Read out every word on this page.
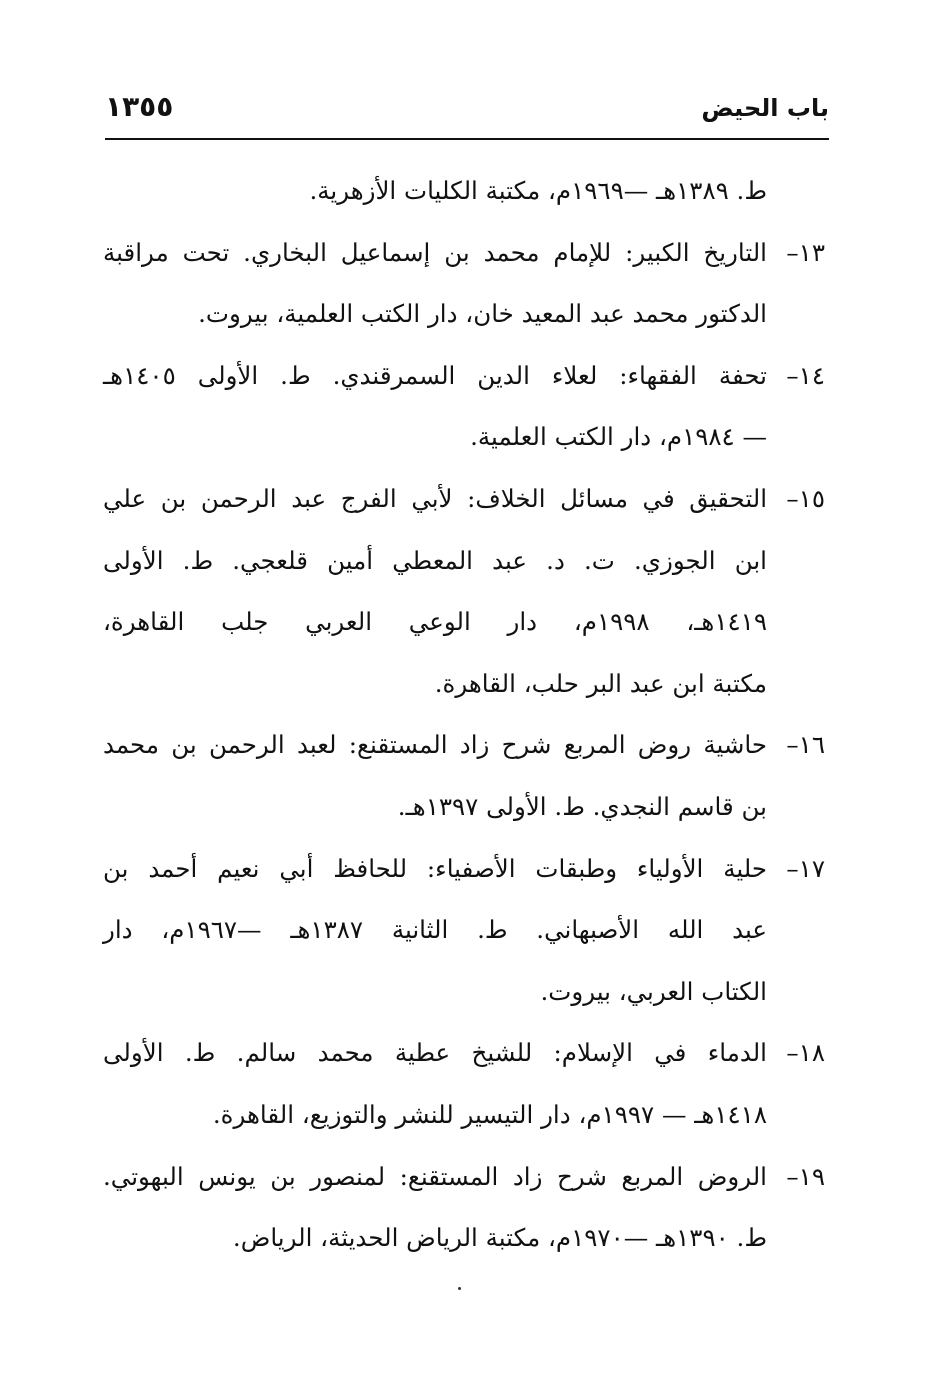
باب الحيض
١٣٥٥
ط. ١٣٨٩هـ —١٩٦٩م، مكتبة الكليات الأزهرية.
١٣–
التاريخ الكبير: للإمام محمد بن إسماعيل البخاري. تحت مراقبة
الدكتور محمد عبد المعيد خان، دار الكتب العلمية، بيروت.
١٤–
تحفة الفقهاء: لعلاء الدين السمرقندي. ط. الأولى ١٤٠٥هـ
— ١٩٨٤م، دار الكتب العلمية.
١٥–
التحقيق في مسائل الخلاف: لأبي الفرج عبد الرحمن بن علي
ابن الجوزي. ت. د. عبد المعطي أمين قلعجي. ط. الأولى
١٤١٩هـ، ١٩٩٨م، دار الوعي العربي جلب القاهرة،
مكتبة ابن عبد البر حلب، القاهرة.
١٦–
حاشية روض المربع شرح زاد المستقنع: لعبد الرحمن بن محمد
بن قاسم النجدي. ط. الأولى ١٣٩٧هـ.
١٧–
حلية الأولياء وطبقات الأصفياء: للحافظ أبي نعيم أحمد بن
عبد الله الأصبهاني. ط. الثانية ١٣٨٧هـ —١٩٦٧م، دار
الكتاب العربي، بيروت.
١٨–
الدماء في الإسلام: للشيخ عطية محمد سالم. ط. الأولى
١٤١٨هـ — ١٩٩٧م، دار التيسير للنشر والتوزيع، القاهرة.
١٩–
الروض المربع شرح زاد المستقنع: لمنصور بن يونس البهوتي.
ط. ١٣٩٠هـ —١٩٧٠م، مكتبة الرياض الحديثة، الرياض.
